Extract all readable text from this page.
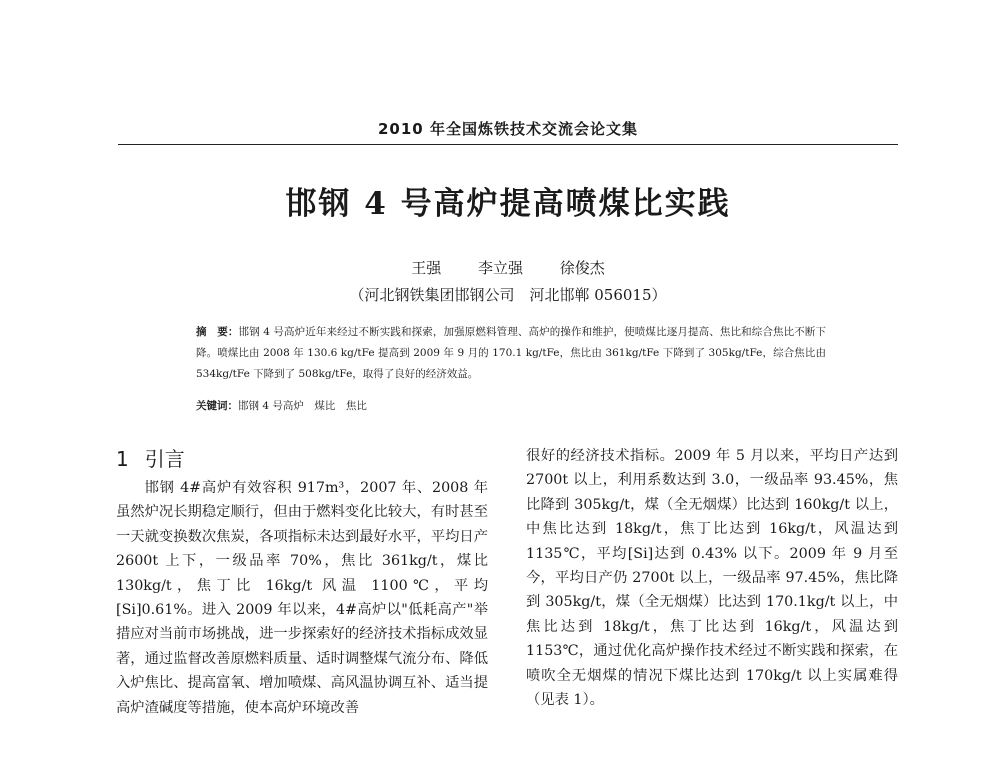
2010 年全国炼铁技术交流会论文集
邯钢 4 号高炉提高喷煤比实践
王强 李立强 徐俊杰
（河北钢铁集团邯钢公司　河北邯郸 056015）
摘　要：邯钢 4 号高炉近年来经过不断实践和探索，加强原燃料管理、高炉的操作和维护，使喷煤比逐月提高、焦比和综合焦比不断下降。喷煤比由 2008 年 130.6 kg/tFe 提高到 2009 年 9 月的 170.1 kg/tFe，焦比由 361kg/tFe 下降到了 305kg/tFe，综合焦比由 534kg/tFe 下降到了 508kg/tFe，取得了良好的经济效益。
关键词：邯钢 4 号高炉　煤比　焦比
1 引言

邯钢 4#高炉有效容积 917m³，2007 年、2008 年虽然炉况长期稳定顺行，但由于燃料变化比较大，有时甚至一天就变换数次焦炭，各项指标未达到最好水平，平均日产 2600t 上下，一级品率 70%，焦比 361kg/t，煤比 130kg/t，焦丁比 16kg/t 风温 1100℃，平均[Si]0.61%。进入 2009 年以来，4#高炉以"低耗高产"举措应对当前市场挑战，进一步探索好的经济技术指标成效显著，通过监督改善原燃料质量、适时调整煤气流分布、降低入炉焦比、提高富氧、增加喷煤、高风温协调互补、适当提高炉渣碱度等措施，使本高炉环境改善

很好的经济技术指标。2009 年 5 月以来，平均日产达到 2700t 以上，利用系数达到 3.0，一级品率 93.45%，焦比降到 305kg/t，煤（全无烟煤）比达到 160kg/t 以上，中焦比达到 18kg/t，焦丁比达到 16kg/t，风温达到 1135℃，平均[Si]达到 0.43% 以下。2009 年 9 月至今，平均日产仍 2700t 以上，一级品率 97.45%，焦比降到 305kg/t，煤（全无烟煤）比达到 170.1kg/t 以上，中焦比达到 18kg/t，焦丁比达到 16kg/t，风温达到 1153℃，通过优化高炉操作技术经过不断实践和探索，在喷吹全无烟煤的情况下煤比达到 170kg/t 以上实属难得（见表 1）。
